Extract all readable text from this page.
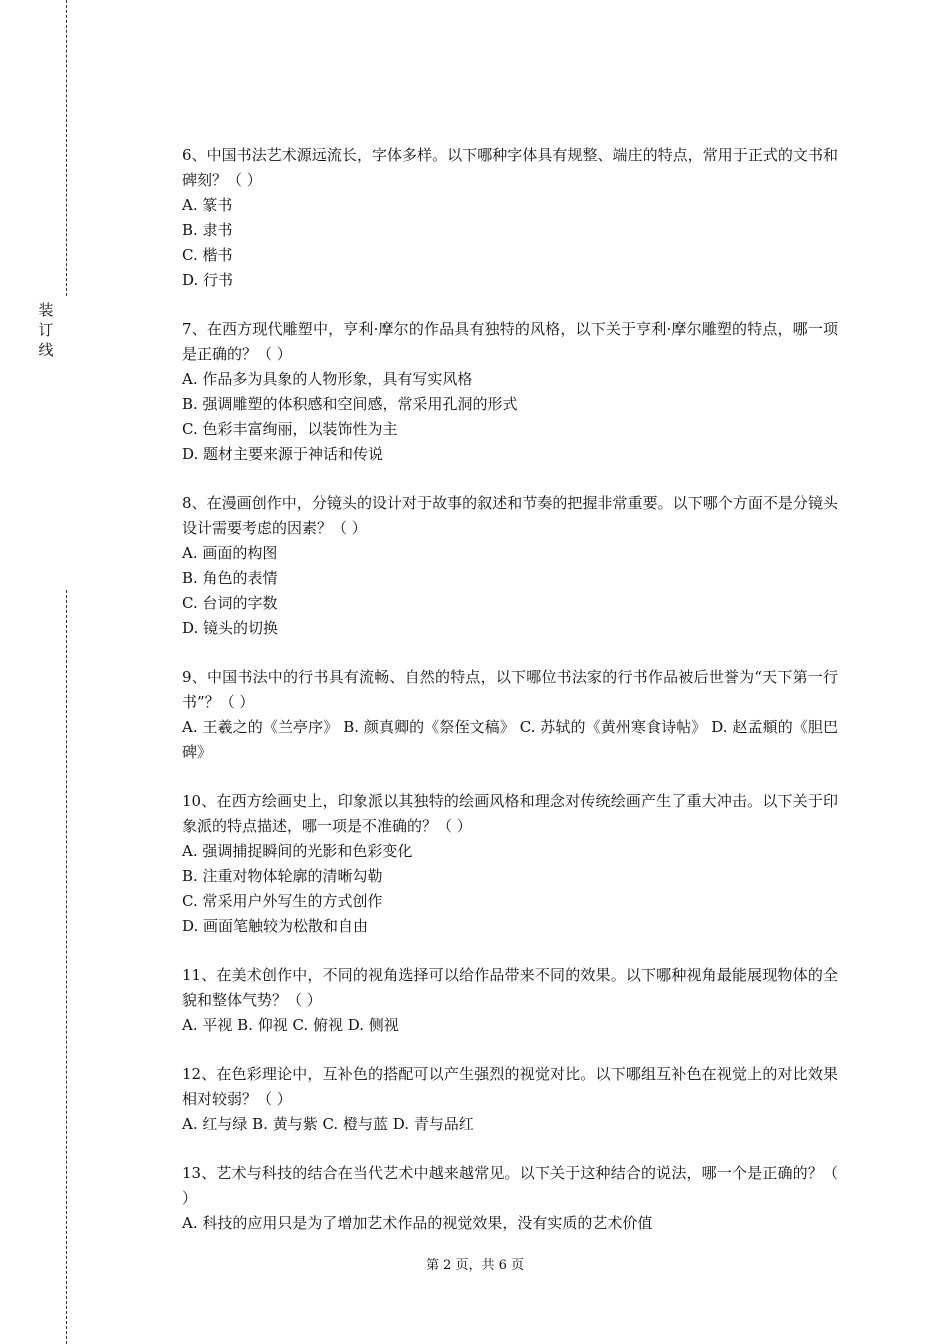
装
订
线
6、中国书法艺术源远流长，字体多样。以下哪种字体具有规整、端庄的特点，常用于正式的文书和碑刻？（ ）
A. 篆书
B. 隶书
C. 楷书
D. 行书
7、在西方现代雕塑中，亨利·摩尔的作品具有独特的风格，以下关于亨利·摩尔雕塑的特点，哪一项是正确的？（ ）
A. 作品多为具象的人物形象，具有写实风格
B. 强调雕塑的体积感和空间感，常采用孔洞的形式
C. 色彩丰富绚丽，以装饰性为主
D. 题材主要来源于神话和传说
8、在漫画创作中，分镜头的设计对于故事的叙述和节奏的把握非常重要。以下哪个方面不是分镜头设计需要考虑的因素？（ ）
A. 画面的构图
B. 角色的表情
C. 台词的字数
D. 镜头的切换
9、中国书法中的行书具有流畅、自然的特点，以下哪位书法家的行书作品被后世誉为“天下第一行书”？（ ）
A. 王羲之的《兰亭序》 B. 颜真卿的《祭侄文稿》 C. 苏轼的《黄州寒食诗帖》 D. 赵孟頫的《胆巴碑》
10、在西方绘画史上，印象派以其独特的绘画风格和理念对传统绘画产生了重大冲击。以下关于印象派的特点描述，哪一项是不准确的？（ ）
A. 强调捕捉瞬间的光影和色彩变化
B. 注重对物体轮廓的清晰勾勒
C. 常采用户外写生的方式创作
D. 画面笔触较为松散和自由
11、在美术创作中，不同的视角选择可以给作品带来不同的效果。以下哪种视角最能展现物体的全貌和整体气势？（ ）
A. 平视 B. 仰视 C. 俯视 D. 侧视
12、在色彩理论中，互补色的搭配可以产生强烈的视觉对比。以下哪组互补色在视觉上的对比效果相对较弱？（ ）
A. 红与绿 B. 黄与紫 C. 橙与蓝 D. 青与品红
13、艺术与科技的结合在当代艺术中越来越常见。以下关于这种结合的说法，哪一个是正确的？（ ）
A. 科技的应用只是为了增加艺术作品的视觉效果，没有实质的艺术价值
第 2 页，共 6 页
